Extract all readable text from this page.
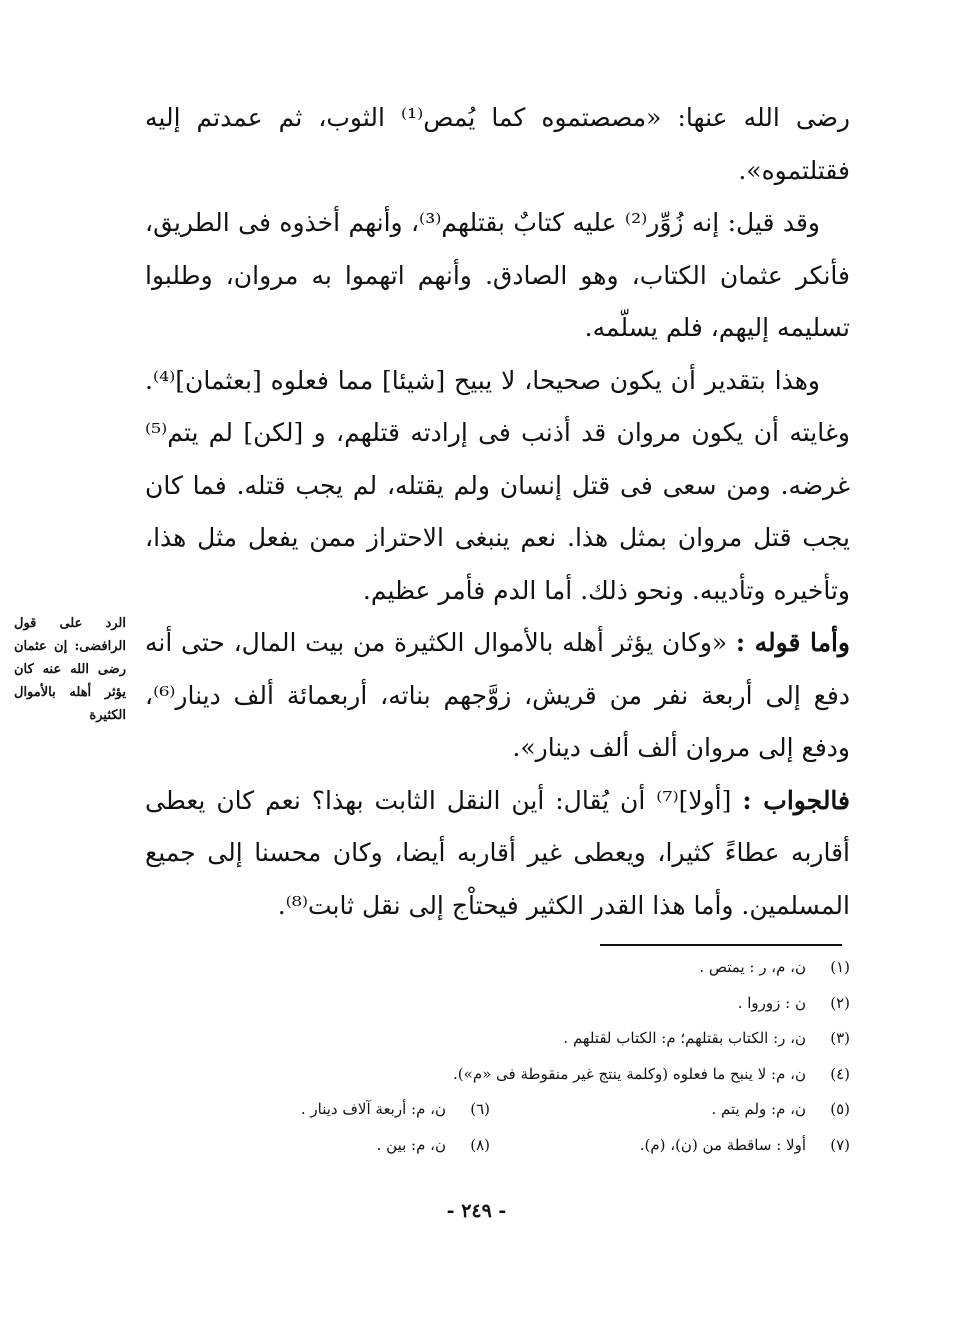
رضى الله عنها: «مصصتموه كما يُمص⁽¹⁾ الثوب، ثم عمدتم إليه فقتلتموه».

وقد قيل: إنه زُوِّر⁽²⁾ عليه كتابٌ بقتلهم⁽³⁾، وأنهم أخذوه فى الطريق، فأنكر عثمان الكتاب، وهو الصادق. وأنهم اتهموا به مروان، وطلبوا تسليمه إليهم، فلم يسلّمه.

وهذا بتقدير أن يكون صحيحا، لا يبيح [شيئا] مما فعلوه [بعثمان]⁽⁴⁾. وغايته أن يكون مروان قد أذنب فى إرادته قتلهم، و [لكن] لم يتم⁽⁵⁾ غرضه. ومن سعى فى قتل إنسان ولم يقتله، لم يجب قتله. فما كان يجب قتل مروان بمثل هذا. نعم ينبغى الاحتراز ممن يفعل مثل هذا، وتأخيره وتأديبه. ونحو ذلك. أما الدم فأمر عظيم.

وأما قوله : «وكان يؤثر أهله بالأموال الكثيرة من بيت المال، حتى أنه دفع إلى أربعة نفر من قريش، زوَّجهم بناته، أربعمائة ألف دينار⁽⁶⁾، ودفع إلى مروان ألف ألف دينار».

فالجواب : [أولا]⁽⁷⁾ أن يُقال: أين النقل الثابت بهذا؟ نعم كان يعطى أقاربه عطاءً كثيرا، ويعطى غير أقاربه أيضا، وكان محسنا إلى جميع المسلمين. وأما هذا القدر الكثير فيحتاْج إلى نقل ثابت⁽⁸⁾.

الرد على قول الرافضى: إن عثمان رضى الله عنه كان يؤثر أهله بالأموال الكثيرة
(١)
ن، م، ر : يمتص .
(٢)
ن : زوروا .
(٣)
ن، ر: الكتاب بقتلهم؛ م: الكتاب لقتلهم .
(٤)
ن، م: لا ينبح ما فعلوه (وكلمة ينتج غير منقوطة فى «م»).
(٥)
ن، م: ولم يتم .
(٦)
ن، م: أربعة آلاف دينار .
(٧)
أولا : ساقطة من (ن)، (م).
(٨)
ن، م: بين .
- ٢٤٩ -
